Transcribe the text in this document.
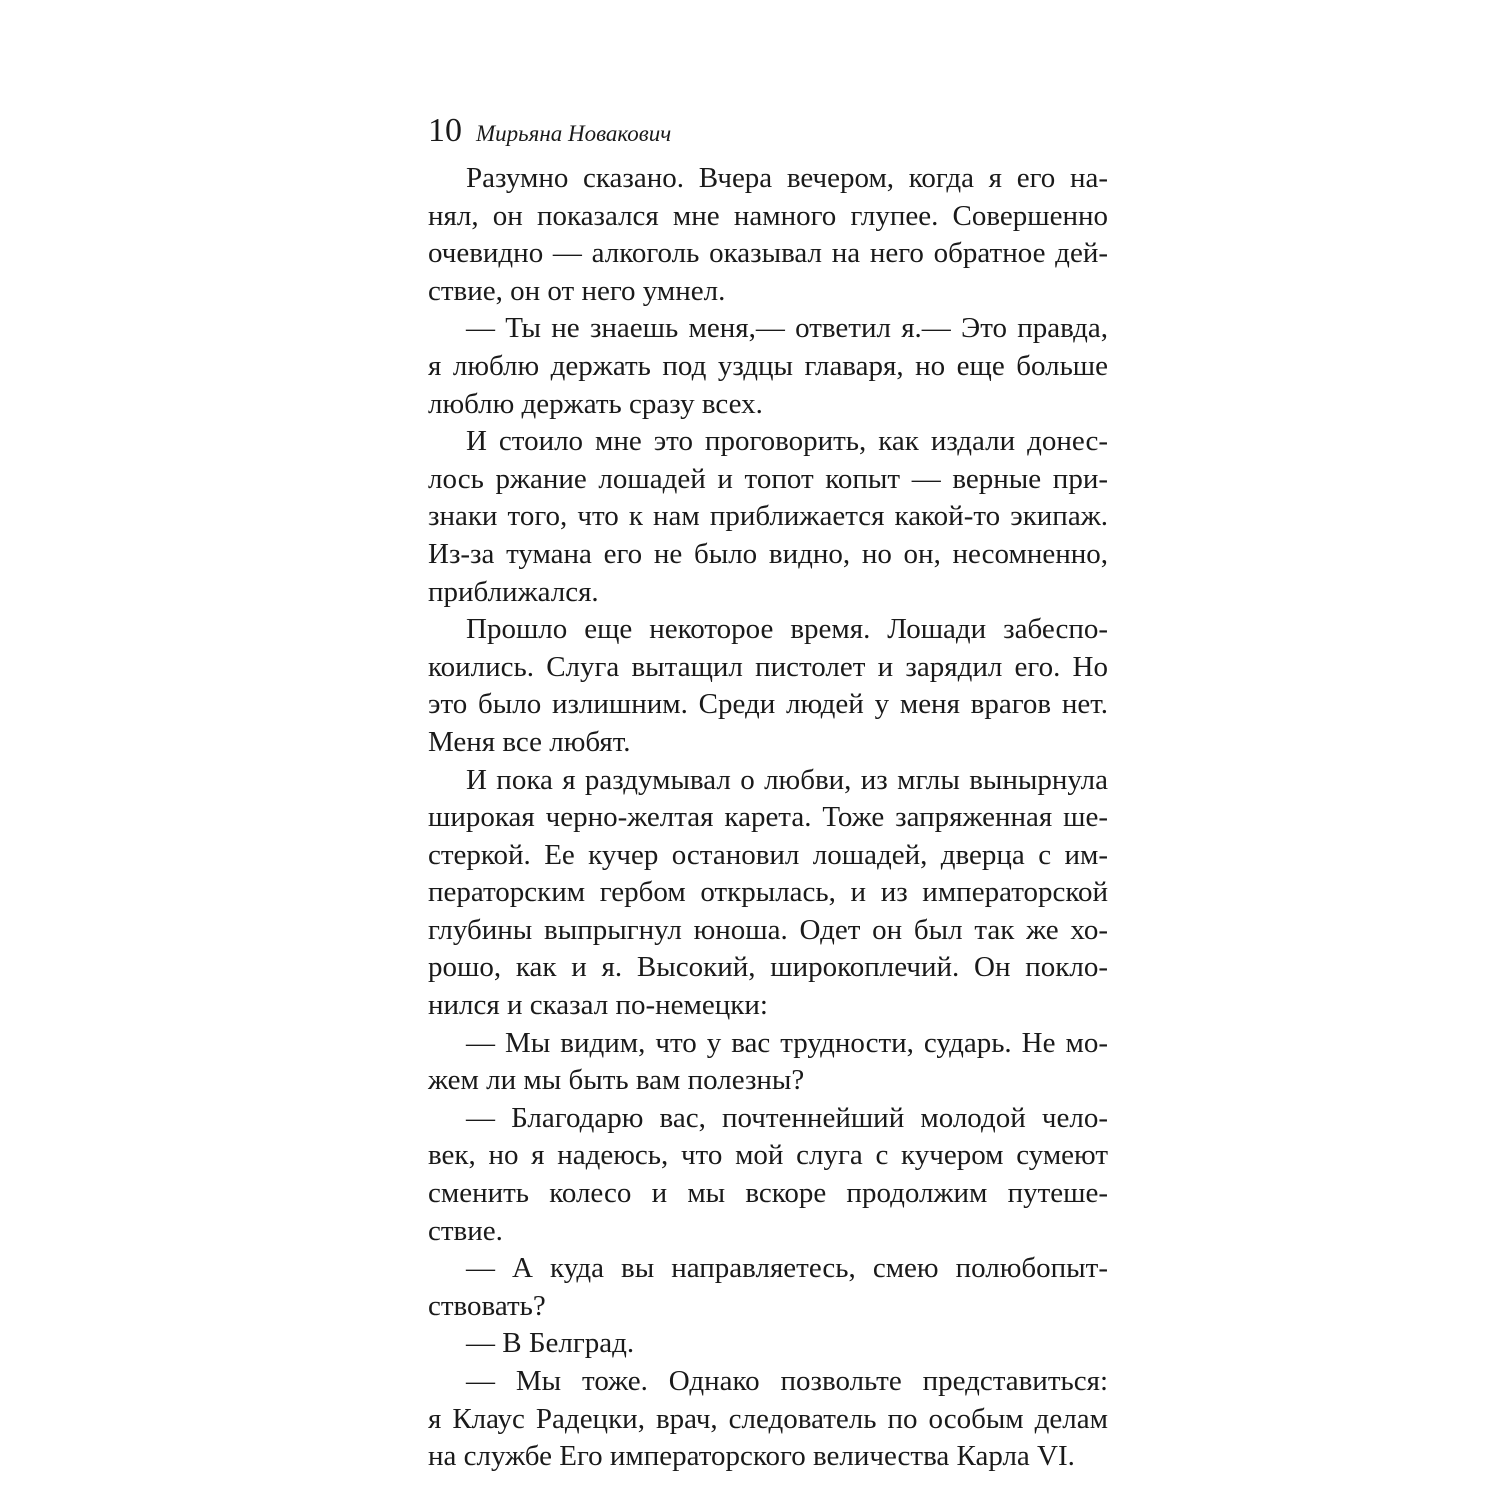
10 Мирьяна Новакович
Разумно сказано. Вчера вечером, когда я его на-
нял, он показался мне намного глупее. Совершенно
очевидно — алкоголь оказывал на него обратное дей-
ствие, он от него умнел.
— Ты не знаешь меня,— ответил я.— Это правда,
я люблю держать под уздцы главаря, но еще больше
люблю держать сразу всех.
И стоило мне это проговорить, как издали донес-
лось ржание лошадей и топот копыт — верные при-
знаки того, что к нам приближается какой-то экипаж.
Из-за тумана его не было видно, но он, несомненно,
приближался.
Прошло еще некоторое время. Лошади забеспо-
коились. Слуга вытащил пистолет и зарядил его. Но
это было излишним. Среди людей у меня врагов нет.
Меня все любят.
И пока я раздумывал о любви, из мглы вынырнула
широкая черно-желтая карета. Тоже запряженная ше-
стеркой. Ее кучер остановил лошадей, дверца с им-
ператорским гербом открылась, и из императорской
глубины выпрыгнул юноша. Одет он был так же хо-
рошо, как и я. Высокий, широкоплечий. Он покло-
нился и сказал по-немецки:
— Мы видим, что у вас трудности, сударь. Не мо-
жем ли мы быть вам полезны?
— Благодарю вас, почтеннейший молодой чело-
век, но я надеюсь, что мой слуга с кучером сумеют
сменить колесо и мы вскоре продолжим путеше-
ствие.
— А куда вы направляетесь, смею полюбопыт-
ствовать?
— В Белград.
— Мы тоже. Однако позвольте представиться:
я Клаус Радецки, врач, следователь по особым делам
на службе Его императорского величества Карла VI.
